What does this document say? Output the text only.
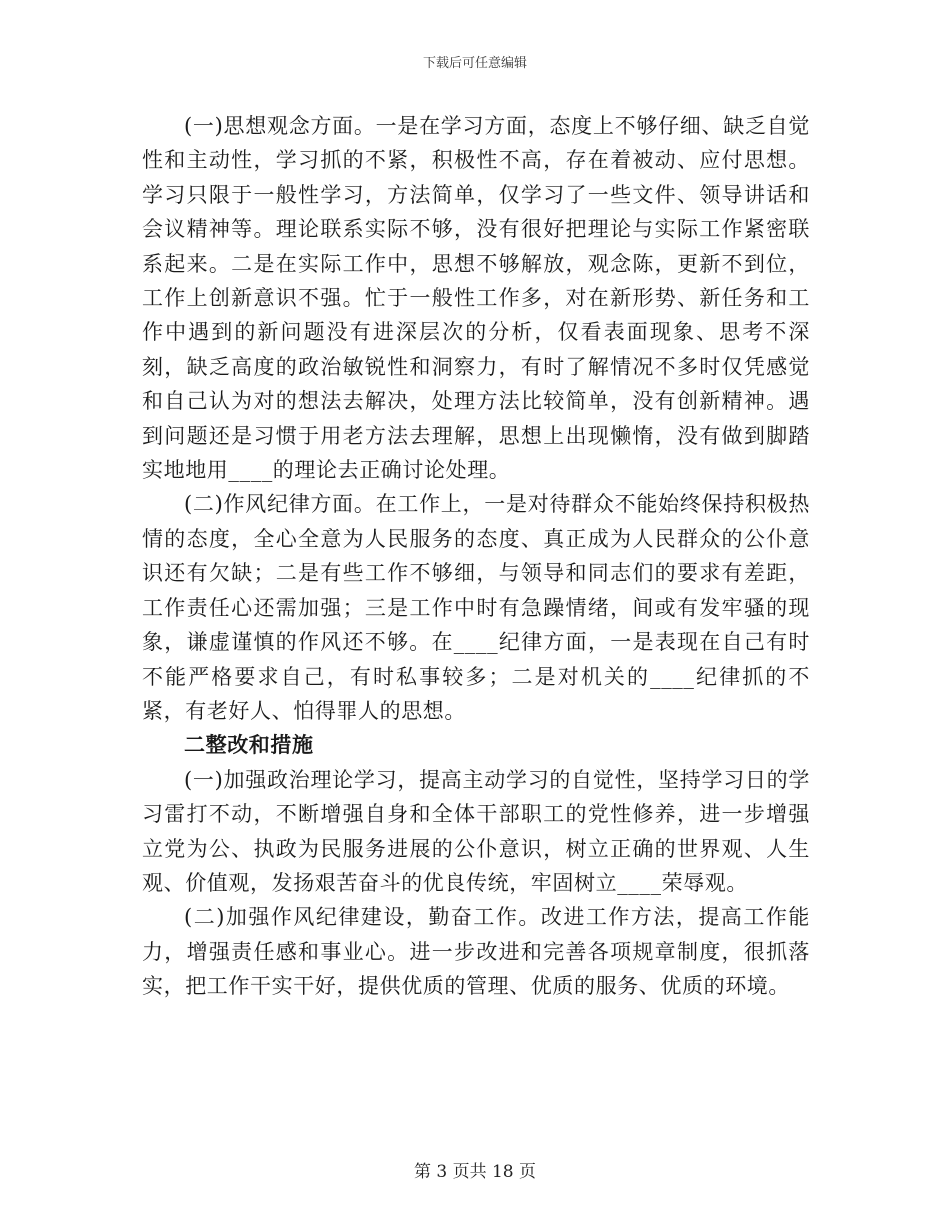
下载后可任意编辑

(一)思想观念方面。一是在学习方面，态度上不够仔细、缺乏自觉性和主动性，学习抓的不紧，积极性不高，存在着被动、应付思想。学习只限于一般性学习，方法简单，仅学习了一些文件、领导讲话和会议精神等。理论联系实际不够，没有很好把理论与实际工作紧密联系起来。二是在实际工作中，思想不够解放，观念陈，更新不到位，工作上创新意识不强。忙于一般性工作多，对在新形势、新任务和工作中遇到的新问题没有进深层次的分析，仅看表面现象、思考不深刻，缺乏高度的政治敏锐性和洞察力，有时了解情况不多时仅凭感觉和自己认为对的想法去解决，处理方法比较简单，没有创新精神。遇到问题还是习惯于用老方法去理解，思想上出现懒惰，没有做到脚踏实地地用____的理论去正确讨论处理。

(二)作风纪律方面。在工作上，一是对待群众不能始终保持积极热情的态度，全心全意为人民服务的态度、真正成为人民群众的公仆意识还有欠缺；二是有些工作不够细，与领导和同志们的要求有差距，工作责任心还需加强；三是工作中时有急躁情绪，间或有发牢骚的现象，谦虚谨慎的作风还不够。在____纪律方面，一是表现在自己有时不能严格要求自己，有时私事较多；二是对机关的____纪律抓的不紧，有老好人、怕得罪人的思想。

二整改和措施

(一)加强政治理论学习，提高主动学习的自觉性，坚持学习日的学习雷打不动，不断增强自身和全体干部职工的党性修养，进一步增强立党为公、执政为民服务进展的公仆意识，树立正确的世界观、人生观、价值观，发扬艰苦奋斗的优良传统，牢固树立____荣辱观。

(二)加强作风纪律建设，勤奋工作。改进工作方法，提高工作能力，增强责任感和事业心。进一步改进和完善各项规章制度，很抓落实，把工作干实干好，提供优质的管理、优质的服务、优质的环境。

第 3 页共 18 页
